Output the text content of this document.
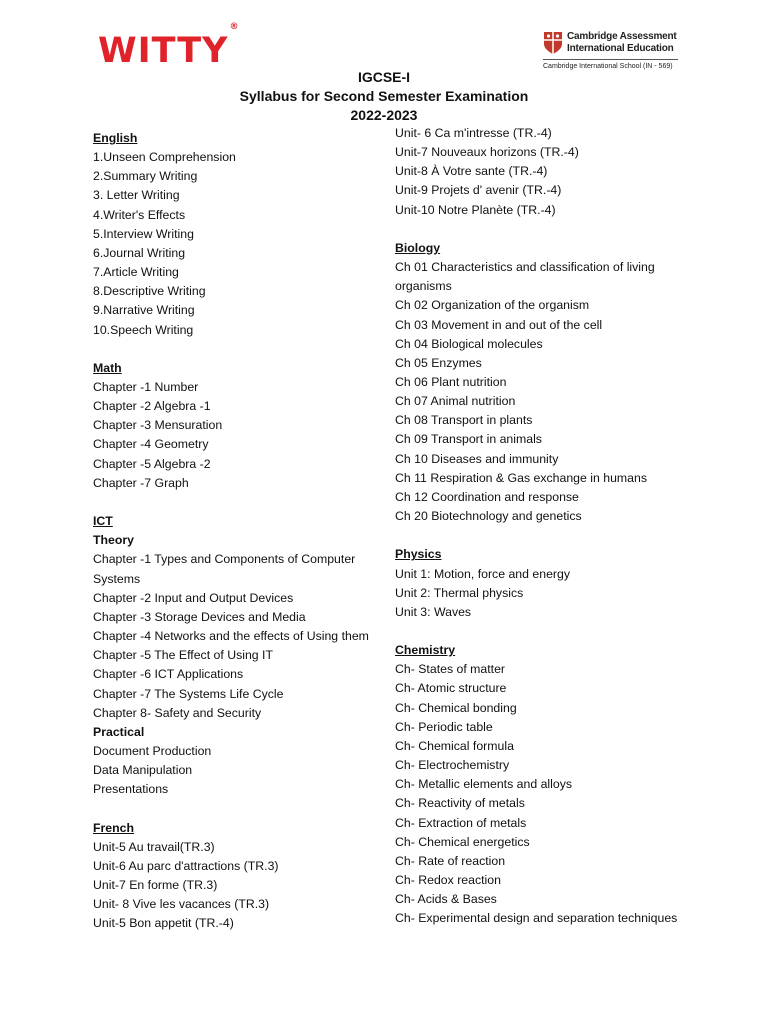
WITTY®
Cambridge Assessment
International Education
Cambridge International School (IN - 569)
IGCSE-I
Syllabus for Second Semester Examination
2022-2023
English
1.Unseen Comprehension
2.Summary Writing
3. Letter Writing
4.Writer's Effects
5.Interview Writing
6.Journal Writing
7.Article Writing
8.Descriptive Writing
9.Narrative Writing
10.Speech Writing
Math
Chapter -1 Number
Chapter -2 Algebra -1
Chapter -3 Mensuration
Chapter -4 Geometry
Chapter -5 Algebra -2
Chapter -7 Graph
ICT
Theory
Chapter -1 Types and Components of Computer Systems
Chapter -2 Input and Output Devices
Chapter -3 Storage Devices and Media
Chapter -4 Networks and the effects of Using them
Chapter -5 The Effect of Using IT
Chapter -6 ICT Applications
Chapter -7 The Systems Life Cycle
Chapter 8- Safety and Security
Practical
Document Production
Data Manipulation
Presentations
French
Unit-5 Au travail(TR.3)
Unit-6 Au parc d'attractions (TR.3)
Unit-7 En forme (TR.3)
Unit- 8 Vive les vacances (TR.3)
Unit-5 Bon appetit (TR.-4)
Unit- 6 Ca m'intresse (TR.-4)
Unit-7 Nouveaux horizons (TR.-4)
Unit-8 À Votre sante (TR.-4)
Unit-9 Projets d' avenir (TR.-4)
Unit-10 Notre Planète (TR.-4)
Biology
Ch 01 Characteristics and classification of living organisms
Ch 02 Organization of the organism
Ch 03 Movement in and out of the cell
Ch 04 Biological molecules
Ch 05 Enzymes
Ch 06 Plant nutrition
Ch 07 Animal nutrition
Ch 08 Transport in plants
Ch 09 Transport in animals
Ch 10 Diseases and immunity
Ch 11 Respiration & Gas exchange in humans
Ch 12 Coordination and response
Ch 20 Biotechnology and genetics
Physics
Unit 1: Motion, force and energy
Unit 2: Thermal physics
Unit 3: Waves
Chemistry
Ch- States of matter
Ch- Atomic structure
Ch- Chemical bonding
Ch- Periodic table
Ch- Chemical formula
Ch- Electrochemistry
Ch- Metallic elements and alloys
Ch- Reactivity of metals
Ch- Extraction of metals
Ch- Chemical energetics
Ch- Rate of reaction
Ch- Redox reaction
Ch- Acids & Bases
Ch- Experimental design and separation techniques
